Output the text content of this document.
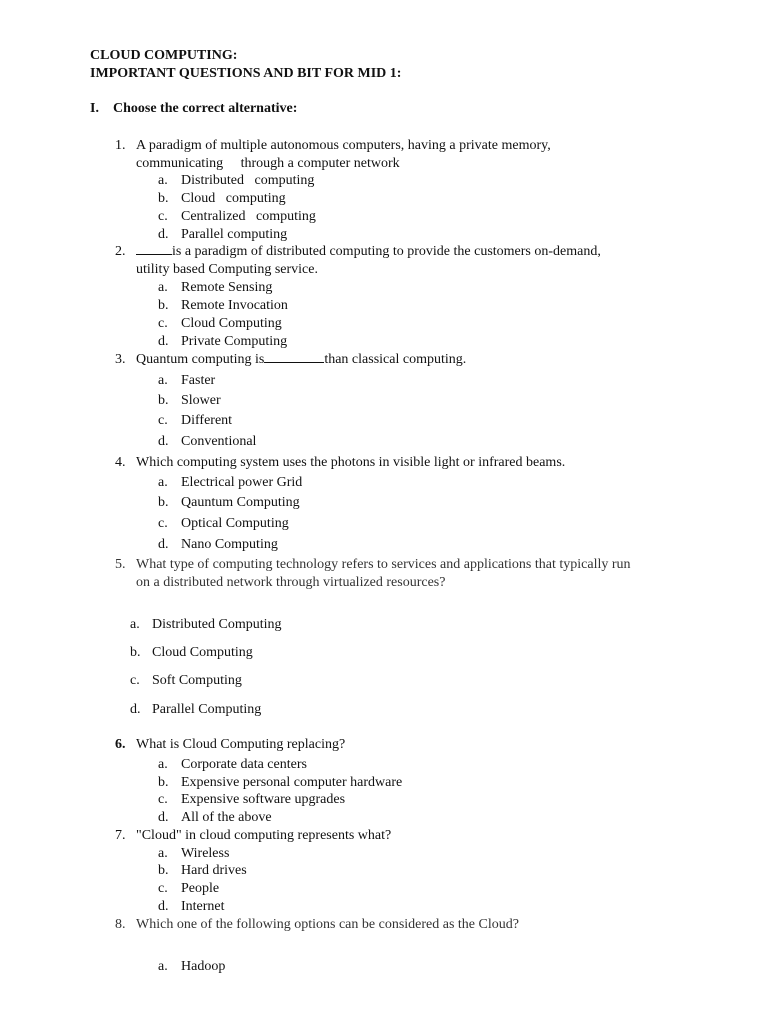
CLOUD COMPUTING:
IMPORTANT QUESTIONS AND BIT FOR MID 1:
I. Choose the correct alternative:
1. A paradigm of multiple autonomous computers, having a private memory,
communicating     through a computer network
a. Distributed   computing
b. Cloud   computing
c. Centralized   computing
d. Parallel computing
2.	is a paradigm of distributed computing to provide the customers on-demand,
utility based Computing service.
a. Remote Sensing
b. Remote Invocation
c. Cloud Computing
d. Private Computing
3. Quantum computing is	than classical computing.
a. Faster
b. Slower
c. Different
d. Conventional
4. Which computing system uses the photons in visible light or infrared beams.
a. Electrical power Grid
b. Qauntum Computing
c. Optical Computing
d. Nano Computing
5. What type of computing technology refers to services and applications that typically run
on a distributed network through virtualized resources?
a. Distributed Computing
b. Cloud Computing
c. Soft Computing
d. Parallel Computing
6. What is Cloud Computing replacing?
a. Corporate data centers
b. Expensive personal computer hardware
c. Expensive software upgrades
d. All of the above
7. "Cloud" in cloud computing represents what?
a. Wireless
b. Hard drives
c. People
d. Internet
8. Which one of the following options can be considered as the Cloud?
a. Hadoop
